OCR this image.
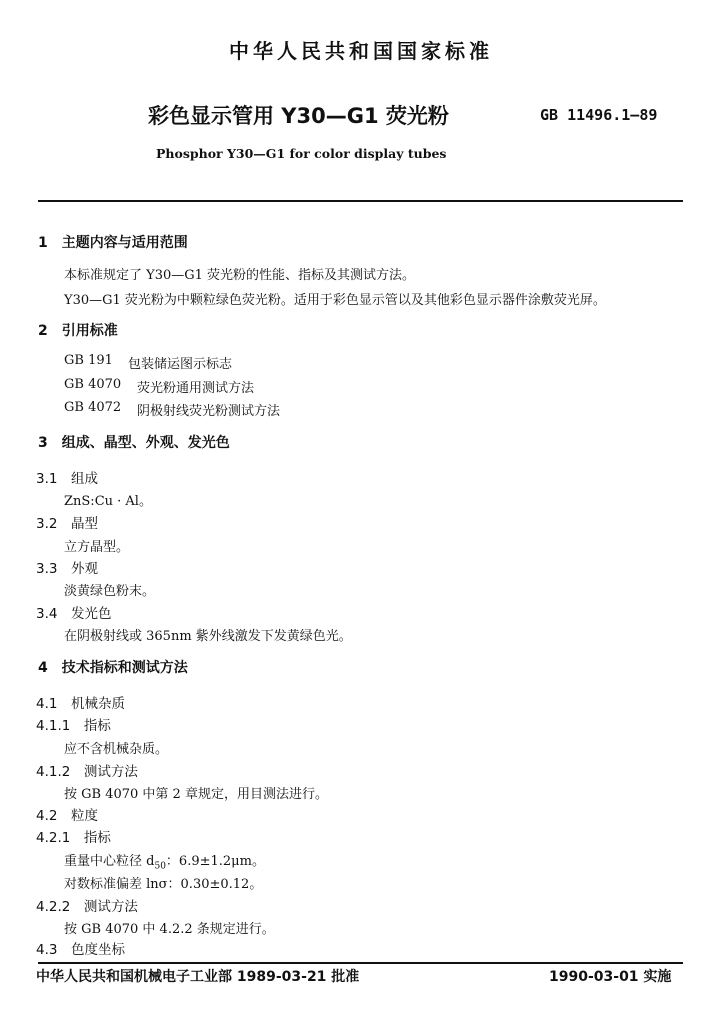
中华人民共和国国家标准
彩色显示管用 Y30—G1 荧光粉	GB 11496.1—89
Phosphor Y30—G1 for color display tubes
1　主题内容与适用范围
本标准规定了 Y30—G1 荧光粉的性能、指标及其测试方法。
Y30—G1 荧光粉为中颗粒绿色荧光粉。适用于彩色显示管以及其他彩色显示器件涂敷荧光屏。
2　引用标准
GB 191 包装储运图示标志
GB 4070 荧光粉通用测试方法
GB 4072 阴极射线荧光粉测试方法
3　组成、晶型、外观、发光色
3.1　组成
ZnS:Cu · Al。
3.2　晶型
立方晶型。
3.3　外观
淡黄绿色粉末。
3.4　发光色
在阴极射线或 365nm 紫外线激发下发黄绿色光。
4　技术指标和测试方法
4.1　机械杂质
4.1.1　指标
应不含机械杂质。
4.1.2　测试方法
按 GB 4070 中第 2 章规定，用目测法进行。
4.2　粒度
4.2.1　指标
重量中心粒径 $d_{50}$：6.9±1.2μm。
对数标准偏差 lnσ：0.30±0.12。
4.2.2　测试方法
按 GB 4070 中 4.2.2 条规定进行。
4.3　色度坐标
中华人民共和国机械电子工业部 1989-03-21 批准	1990-03-01 实施
